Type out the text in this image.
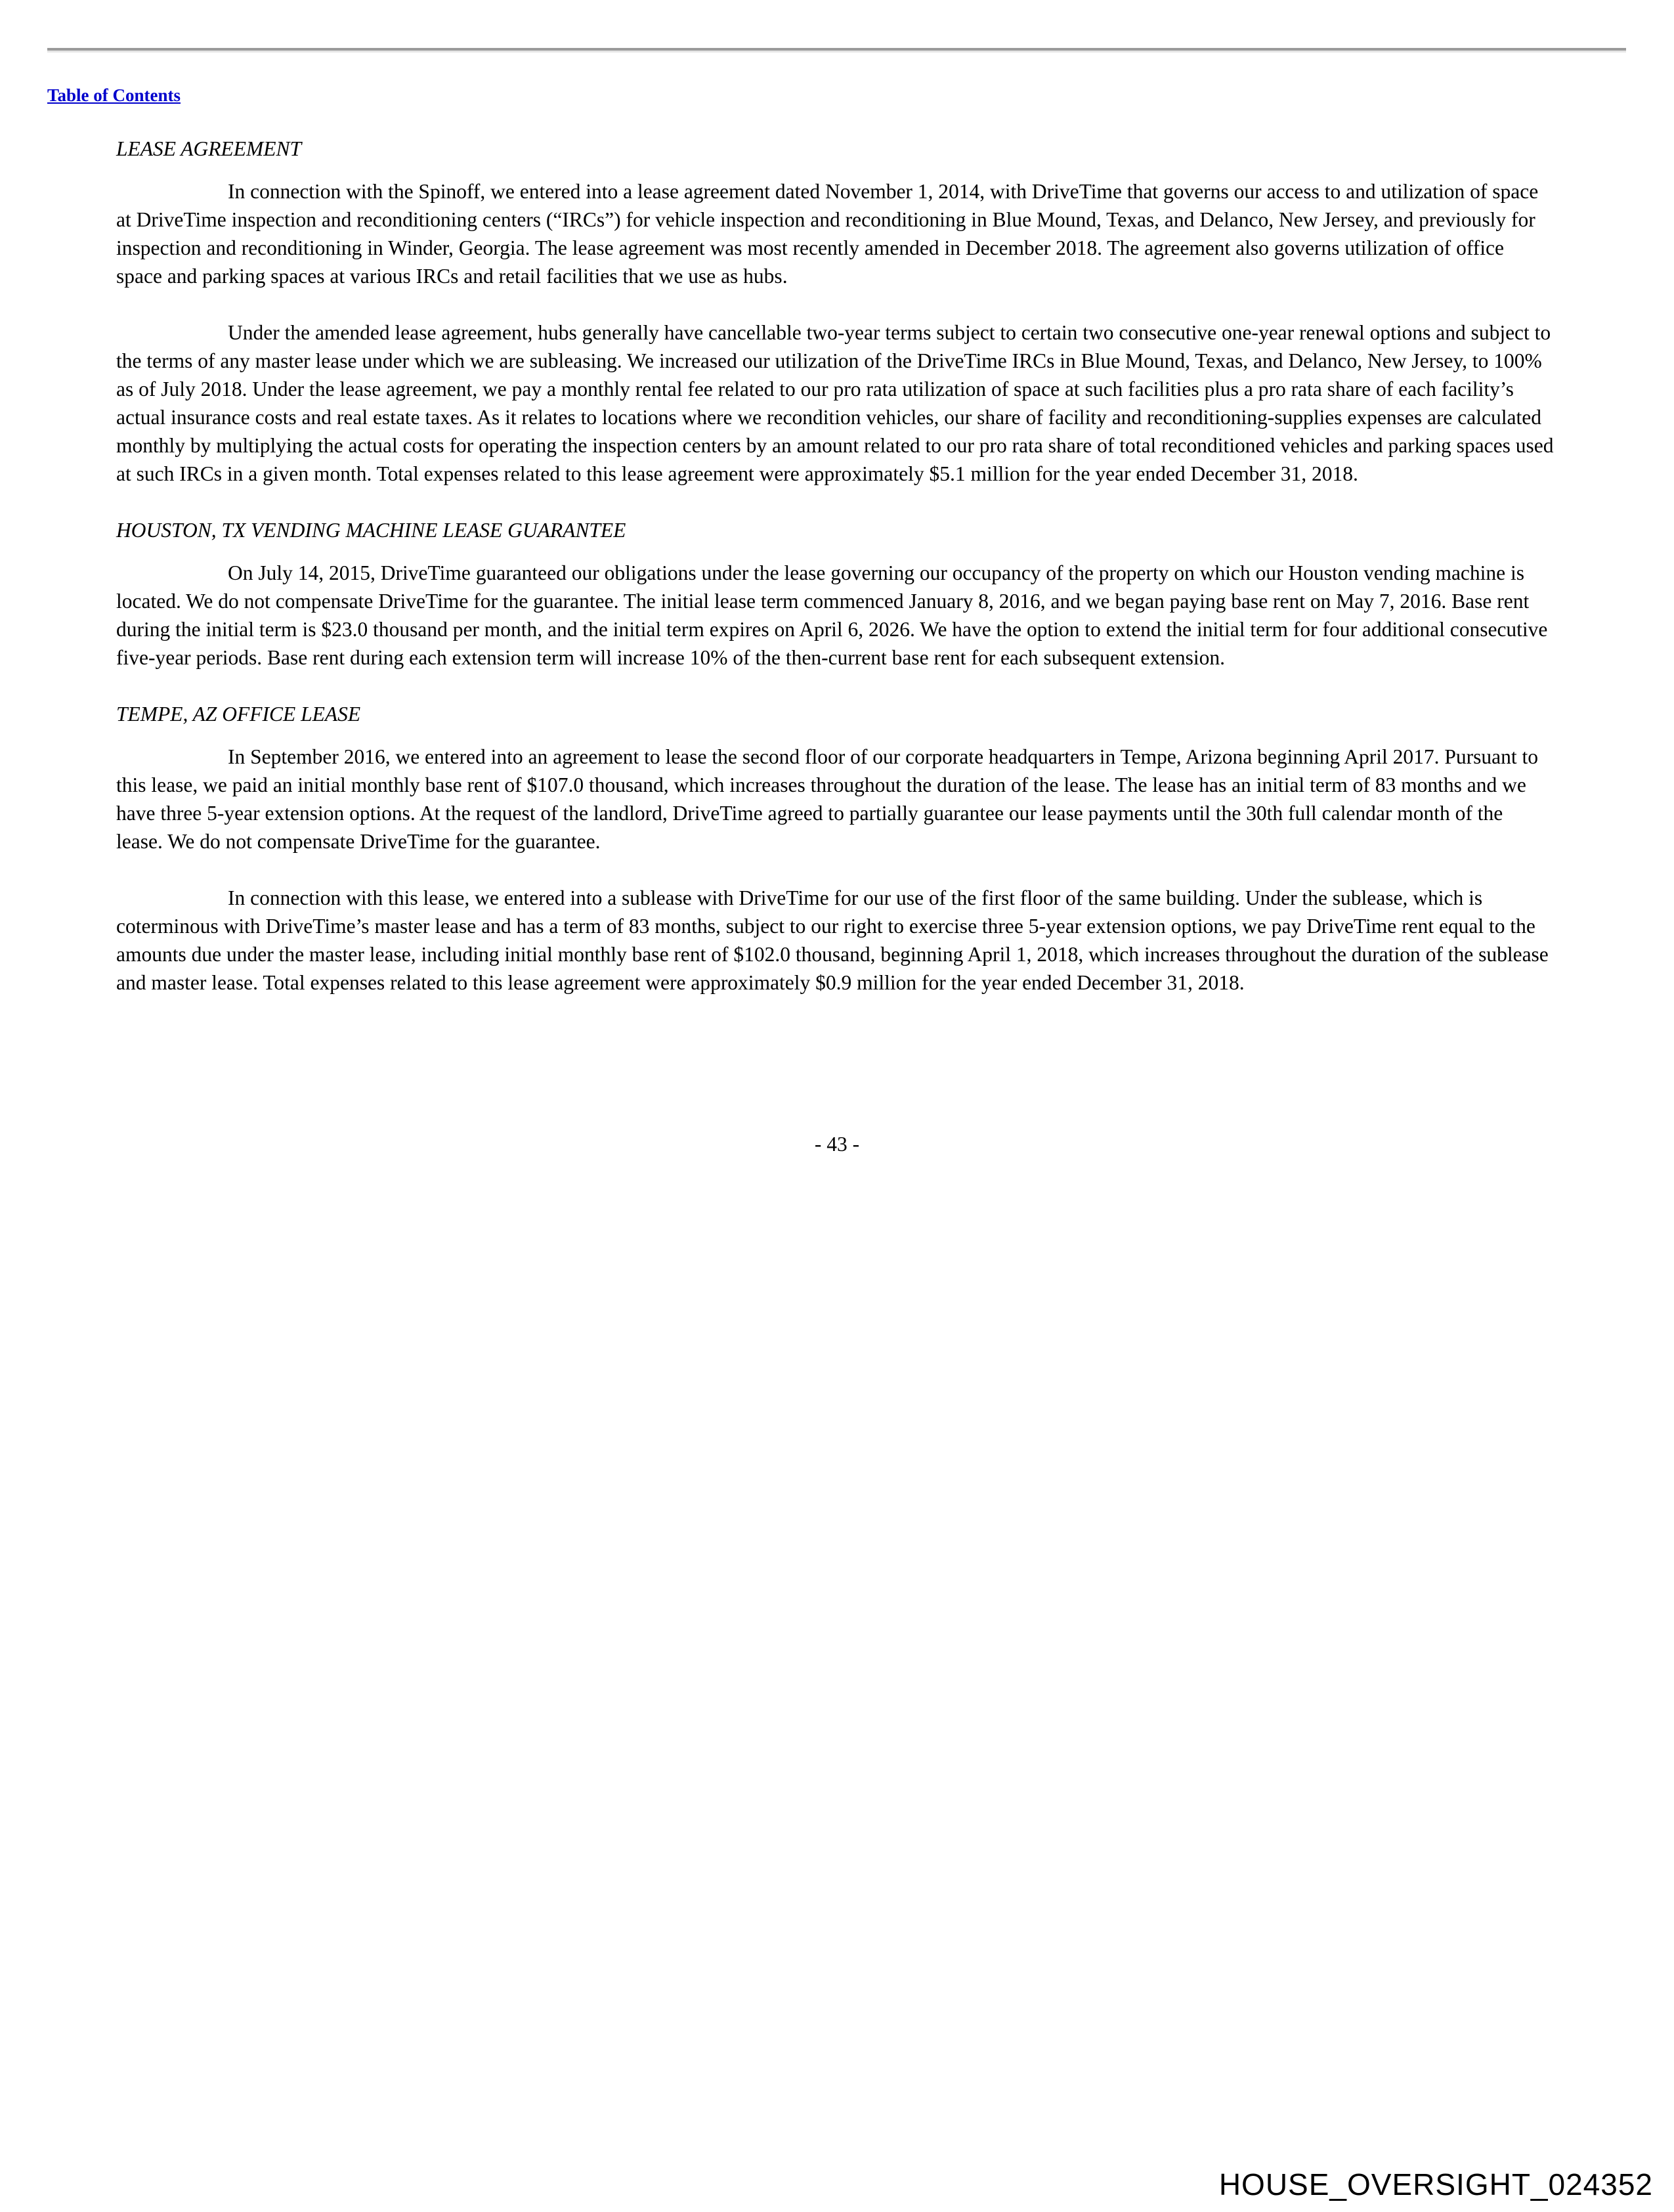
Table of Contents
LEASE AGREEMENT

In connection with the Spinoff, we entered into a lease agreement dated November 1, 2014, with DriveTime that governs our access to and utilization of space at DriveTime inspection and reconditioning centers (“IRCs”) for vehicle inspection and reconditioning in Blue Mound, Texas, and Delanco, New Jersey, and previously for inspection and reconditioning in Winder, Georgia. The lease agreement was most recently amended in December 2018. The agreement also governs utilization of office space and parking spaces at various IRCs and retail facilities that we use as hubs.

Under the amended lease agreement, hubs generally have cancellable two-year terms subject to certain two consecutive one-year renewal options and subject to the terms of any master lease under which we are subleasing. We increased our utilization of the DriveTime IRCs in Blue Mound, Texas, and Delanco, New Jersey, to 100% as of July 2018. Under the lease agreement, we pay a monthly rental fee related to our pro rata utilization of space at such facilities plus a pro rata share of each facility’s actual insurance costs and real estate taxes. As it relates to locations where we recondition vehicles, our share of facility and reconditioning-supplies expenses are calculated monthly by multiplying the actual costs for operating the inspection centers by an amount related to our pro rata share of total reconditioned vehicles and parking spaces used at such IRCs in a given month. Total expenses related to this lease agreement were approximately $5.1 million for the year ended December 31, 2018.

HOUSTON, TX VENDING MACHINE LEASE GUARANTEE

On July 14, 2015, DriveTime guaranteed our obligations under the lease governing our occupancy of the property on which our Houston vending machine is located. We do not compensate DriveTime for the guarantee. The initial lease term commenced January 8, 2016, and we began paying base rent on May 7, 2016. Base rent during the initial term is $23.0 thousand per month, and the initial term expires on April 6, 2026. We have the option to extend the initial term for four additional consecutive five-year periods. Base rent during each extension term will increase 10% of the then-current base rent for each subsequent extension.

TEMPE, AZ OFFICE LEASE

In September 2016, we entered into an agreement to lease the second floor of our corporate headquarters in Tempe, Arizona beginning April 2017. Pursuant to this lease, we paid an initial monthly base rent of $107.0 thousand, which increases throughout the duration of the lease. The lease has an initial term of 83 months and we have three 5-year extension options. At the request of the landlord, DriveTime agreed to partially guarantee our lease payments until the 30th full calendar month of the lease. We do not compensate DriveTime for the guarantee.

In connection with this lease, we entered into a sublease with DriveTime for our use of the first floor of the same building. Under the sublease, which is coterminous with DriveTime’s master lease and has a term of 83 months, subject to our right to exercise three 5-year extension options, we pay DriveTime rent equal to the amounts due under the master lease, including initial monthly base rent of $102.0 thousand, beginning April 1, 2018, which increases throughout the duration of the sublease and master lease. Total expenses related to this lease agreement were approximately $0.9 million for the year ended December 31, 2018.

- 43 -
HOUSE_OVERSIGHT_024352
